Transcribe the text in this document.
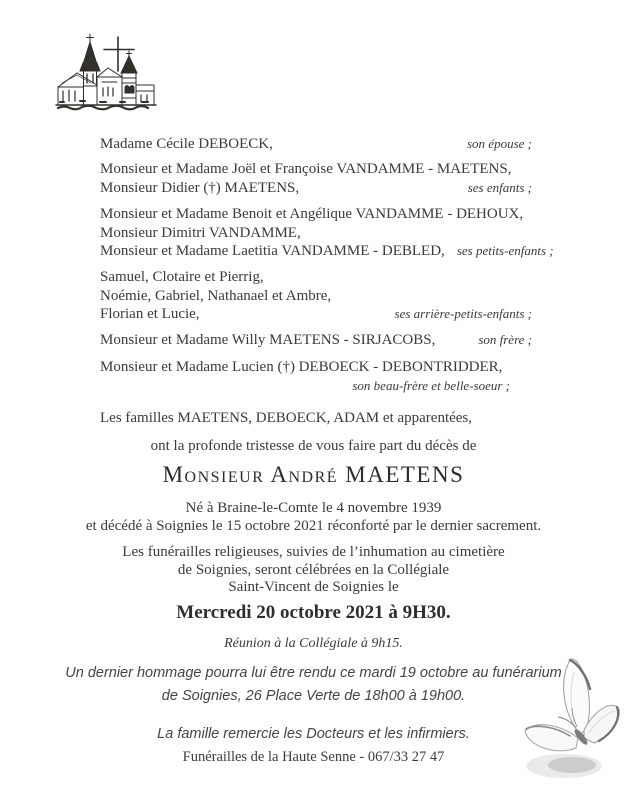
Madame Cécile DEBOECK,	son épouse ;
Monsieur et Madame Joël et Françoise VANDAMME - MAETENS,
Monsieur Didier (†) MAETENS,	ses enfants ;
Monsieur et Madame Benoit et Angélique VANDAMME - DEHOUX,
Monsieur Dimitri VANDAMME,
Monsieur et Madame Laetitia VANDAMME - DEBLED, ses petits-enfants ;
Samuel, Clotaire et Pierrig,
Noémie, Gabriel, Nathanael et Ambre,
Florian et Lucie,	ses arrière-petits-enfants ;
Monsieur et Madame Willy MAETENS - SIRJACOBS,	son frère ;
Monsieur et Madame Lucien (†) DEBOECK - DEBONTRIDDER,
son beau-frère et belle-soeur ;
Les familles MAETENS, DEBOECK, ADAM et apparentées,
ont la profonde tristesse de vous faire part du décès de
Monsieur André MAETENS
Né à Braine-le-Comte le 4 novembre 1939
et décédé à Soignies le 15 octobre 2021 réconforté par le dernier sacrement.
Les funérailles religieuses, suivies de l’inhumation au cimetière
de Soignies, seront célébrées en la Collégiale
Saint-Vincent de Soignies le
Mercredi 20 octobre 2021 à 9H30.
Réunion à la Collégiale à 9h15.
Un dernier hommage pourra lui être rendu ce mardi 19 octobre au funérarium
de Soignies, 26 Place Verte de 18h00 à 19h00.
La famille remercie les Docteurs et les infirmiers.
Funérailles de la Haute Senne - 067/33 27 47
